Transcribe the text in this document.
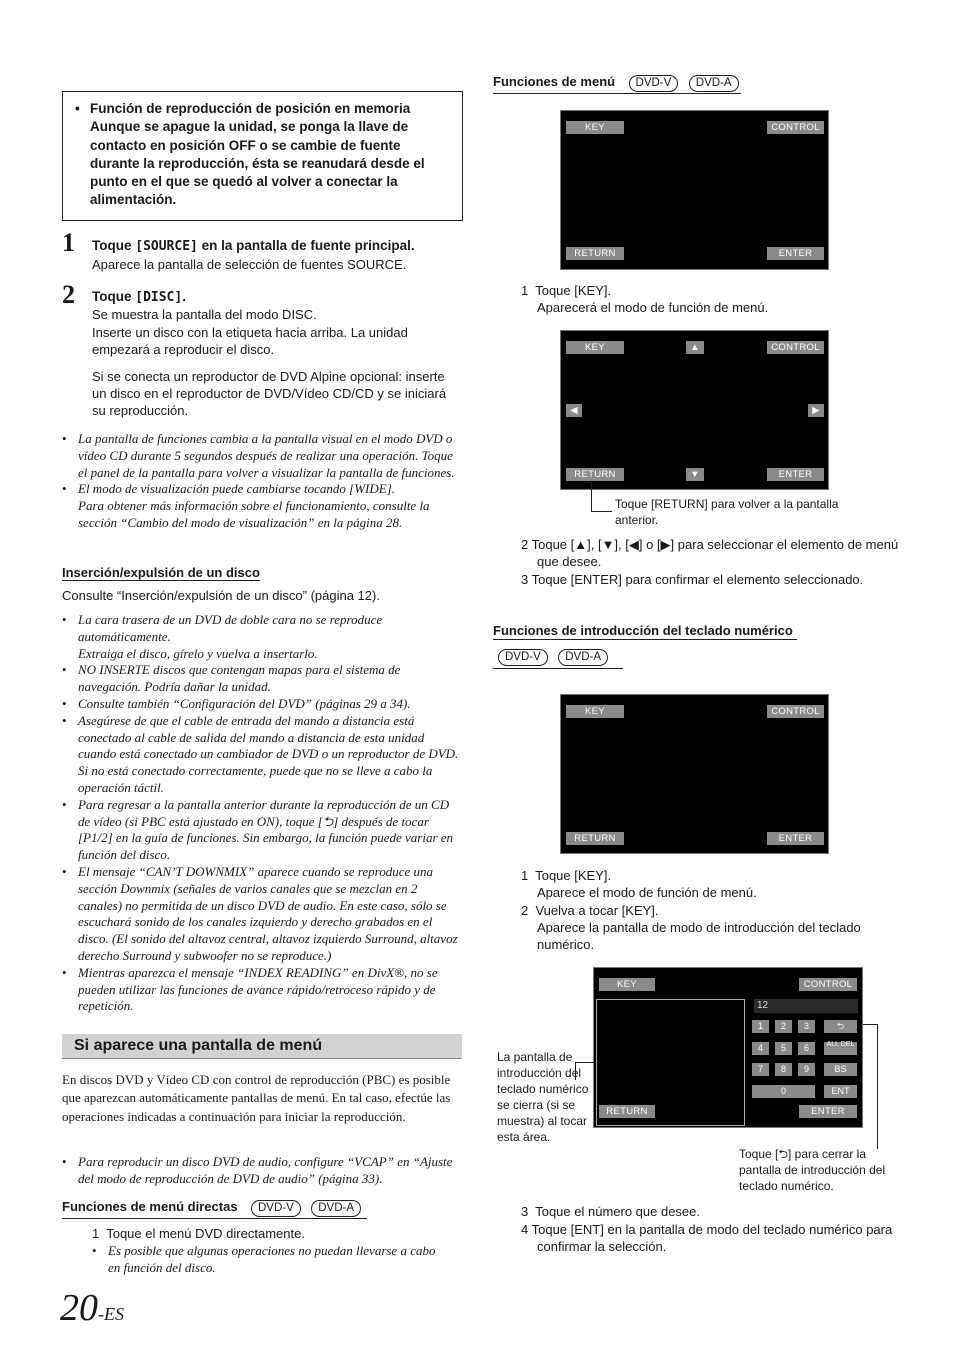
• Función de reproducción de posición en memoria
Aunque se apague la unidad, se ponga la llave de contacto en posición OFF o se cambie de fuente durante la reproducción, ésta se reanudará desde el punto en el que se quedó al volver a conectar la alimentación.
1 Toque [SOURCE] en la pantalla de fuente principal.
Aparece la pantalla de selección de fuentes SOURCE.
2 Toque [DISC].
Se muestra la pantalla del modo DISC.
Inserte un disco con la etiqueta hacia arriba. La unidad empezará a reproducir el disco.
Si se conecta un reproductor de DVD Alpine opcional: inserte un disco en el reproductor de DVD/Vídeo CD/CD y se iniciará su reproducción.
• La pantalla de funciones cambia a la pantalla visual en el modo DVD o vídeo CD durante 5 segundos después de realizar una operación. Toque el panel de la pantalla para volver a visualizar la pantalla de funciones.
• El modo de visualización puede cambiarse tocando [WIDE].
Para obtener más información sobre el funcionamiento, consulte la sección “Cambio del modo de visualización” en la página 28.
Inserción/expulsión de un disco
Consulte “Inserción/expulsión de un disco” (página 12).
• La cara trasera de un DVD de doble cara no se reproduce automáticamente.
Extraiga el disco, gírelo y vuelva a insertarlo.
• NO INSERTE discos que contengan mapas para el sistema de navegación. Podría dañar la unidad.
• Consulte también “Configuración del DVD” (páginas 29 a 34).
• Asegúrese de que el cable de entrada del mando a distancia está conectado al cable de salida del mando a distancia de esta unidad cuando está conectado un cambiador de DVD o un reproductor de DVD. Si no está conectado correctamente, puede que no se lleve a cabo la operación táctil.
• Para regresar a la pantalla anterior durante la reproducción de un CD de vídeo (si PBC está ajustado en ON), toque [⮌] después de tocar [P1/2] en la guía de funciones. Sin embargo, la función puede variar en función del disco.
• El mensaje “CAN’T DOWNMIX” aparece cuando se reproduce una sección Downmix (señales de varios canales que se mezclan en 2 canales) no permitida de un disco DVD de audio. En este caso, sólo se escuchará sonido de los canales izquierdo y derecho grabados en el disco. (El sonido del altavoz central, altavoz izquierdo Surround, altavoz derecho Surround y subwoofer no se reproduce.)
• Mientras aparezca el mensaje “INDEX READING” en DivX®, no se pueden utilizar las funciones de avance rápido/retroceso rápido y de repetición.
Si aparece una pantalla de menú
En discos DVD y Vídeo CD con control de reproducción (PBC) es posible que aparezcan automáticamente pantallas de menú. En tal caso, efectúe las operaciones indicadas a continuación para iniciar la reproducción.
• Para reproducir un disco DVD de audio, configure “VCAP” en “Ajuste del modo de reproducción de DVD de audio” (página 33).
Funciones de menú directas DVD-V DVD-A
1  Toque el menú DVD directamente.
• Es posible que algunas operaciones no puedan llevarse a cabo en función del disco.
20-ES
Funciones de menú DVD-V DVD-A
KEY	CONTROL
RETURN	ENTER
1  Toque [KEY].
Aparecerá el modo de función de menú.
KEY	▲	CONTROL
◀	▶
RETURN	▼	ENTER
Toque [RETURN] para volver a la pantalla anterior.
2 Toque [▲], [▼], [◀] o [▶] para seleccionar el elemento de menú que desee.
3 Toque [ENTER] para confirmar el elemento seleccionado.
Funciones de introducción del teclado numérico
DVD-V DVD-A
KEY	CONTROL
RETURN	ENTER
1  Toque [KEY].
Aparece el modo de función de menú.
2  Vuelva a tocar [KEY].
Aparece la pantalla de modo de introducción del teclado numérico.
KEY	CONTROL
RETURN
12
1	2	3	⮌
4	5	6	ALL DEL
7	8	9	BS
0	ENT
ENTER
La pantalla de introducción del teclado numérico se cierra (si se muestra) al tocar esta área.
Toque [⮌] para cerrar la pantalla de introducción del teclado numérico.
3  Toque el número que desee.
4 Toque [ENT] en la pantalla de modo del teclado numérico para confirmar la selección.
